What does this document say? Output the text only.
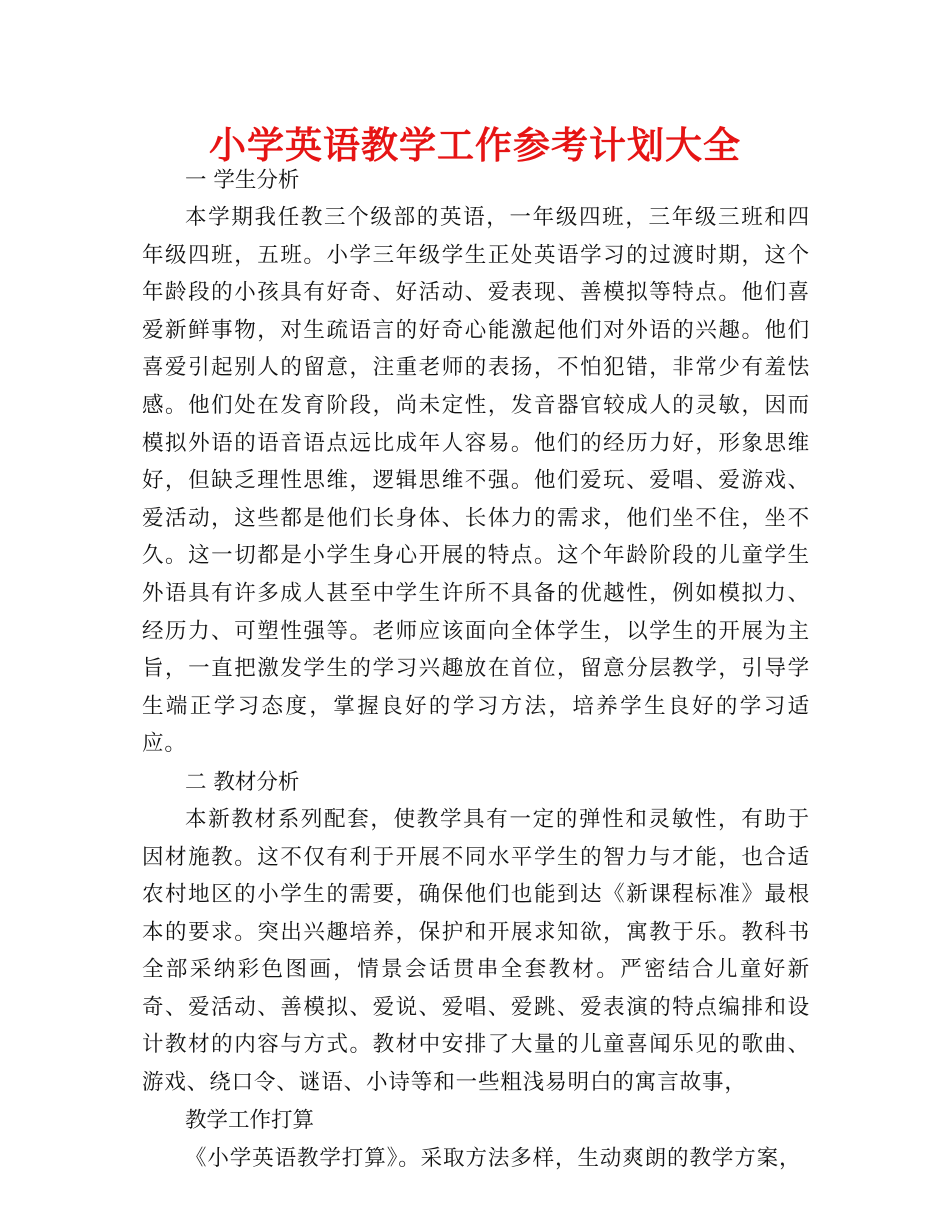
小学英语教学工作参考计划大全
一 学生分析
本学期我任教三个级部的英语，一年级四班，三年级三班和四年级四班，五班。小学三年级学生正处英语学习的过渡时期，这个年龄段的小孩具有好奇、好活动、爱表现、善模拟等特点。他们喜爱新鲜事物，对生疏语言的好奇心能激起他们对外语的兴趣。他们喜爱引起别人的留意，注重老师的表扬，不怕犯错，非常少有羞怯感。他们处在发育阶段，尚未定性，发音器官较成人的灵敏，因而模拟外语的语音语点远比成年人容易。他们的经历力好，形象思维好，但缺乏理性思维，逻辑思维不强。他们爱玩、爱唱、爱游戏、爱活动，这些都是他们长身体、长体力的需求，他们坐不住，坐不久。这一切都是小学生身心开展的特点。这个年龄阶段的儿童学生外语具有许多成人甚至中学生许所不具备的优越性，例如模拟力、经历力、可塑性强等。老师应该面向全体学生，以学生的开展为主旨，一直把激发学生的学习兴趣放在首位，留意分层教学，引导学生端正学习态度，掌握良好的学习方法，培养学生良好的学习适应。
二 教材分析
本新教材系列配套，使教学具有一定的弹性和灵敏性，有助于因材施教。这不仅有利于开展不同水平学生的智力与才能，也合适农村地区的小学生的需要，确保他们也能到达《新课程标准》最根本的要求。突出兴趣培养，保护和开展求知欲，寓教于乐。教科书全部采纳彩色图画，情景会话贯串全套教材。严密结合儿童好新奇、爱活动、善模拟、爱说、爱唱、爱跳、爱表演的特点编排和设计教材的内容与方式。教材中安排了大量的儿童喜闻乐见的歌曲、游戏、绕口令、谜语、小诗等和一些粗浅易明白的寓言故事，
教学工作打算
《小学英语教学打算》。采取方法多样，生动爽朗的教学方案，
